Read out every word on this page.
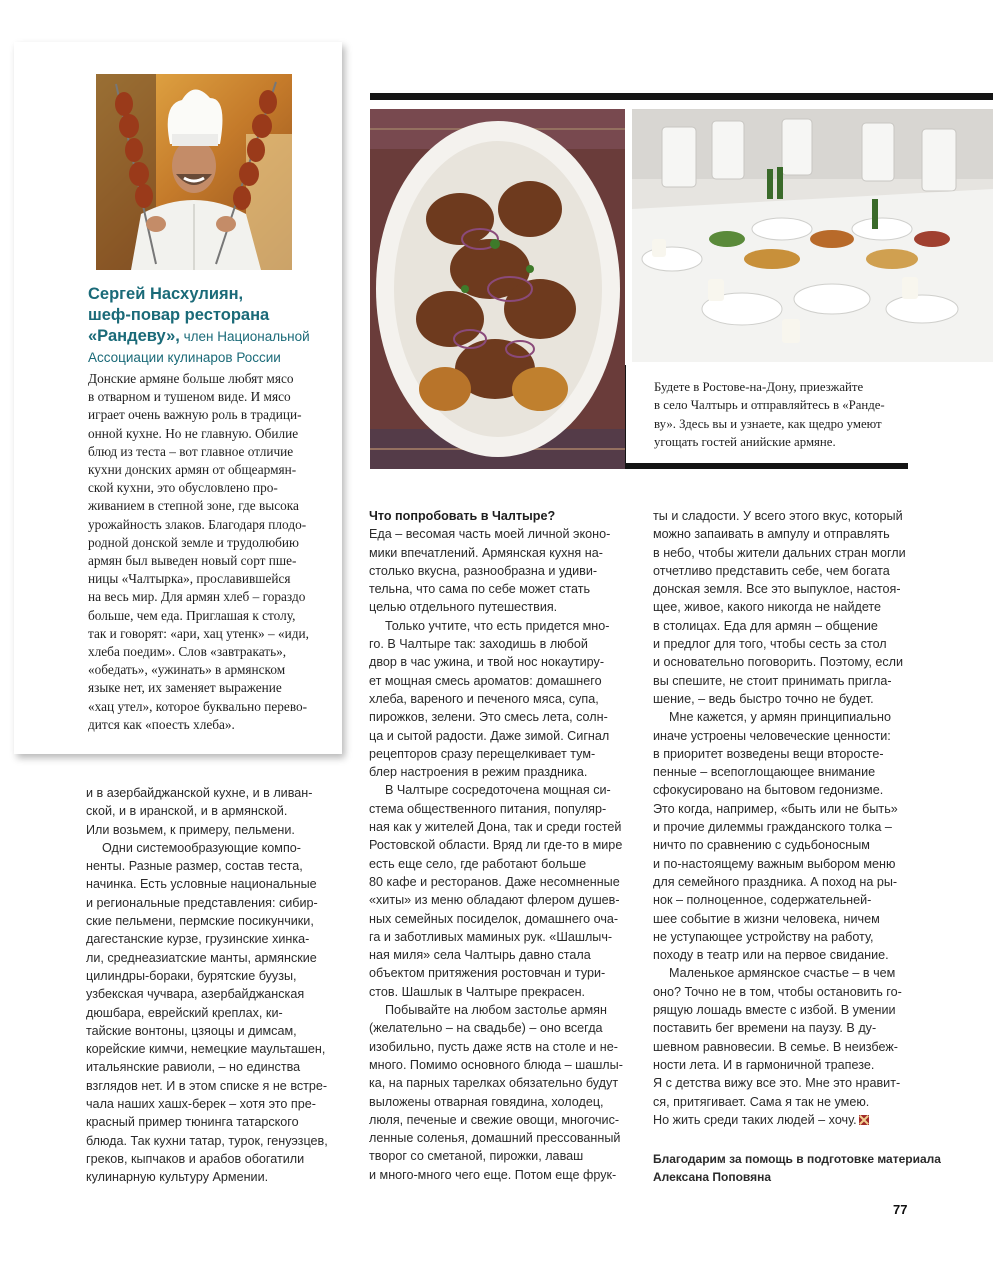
Сергей Насхулиян,
шеф-повар ресторана
«Рандеву», член Национальной
Ассоциации кулинаров России
Донские армяне больше любят мясо
в отварном и тушеном виде. И мясо
играет очень важную роль в традици-
онной кухне. Но не главную. Обилие
блюд из теста – вот главное отличие
кухни донских армян от общеармян-
ской кухни, это обусловлено про-
живанием в степной зоне, где высока
урожайность злаков. Благодаря плодо-
родной донской земле и трудолюбию
армян был выведен новый сорт пше-
ницы «Чалтырка», прославившейся
на весь мир. Для армян хлеб – гораздо
больше, чем еда. Приглашая к столу,
так и говорят: «ари, хац утенк» – «иди,
хлеба поедим». Слов «завтракать»,
«обедать», «ужинать» в армянском
языке нет, их заменяет выражение
«хац утел», которое буквально перево-
дится как «поесть хлеба».
Будете в Ростове-на-Дону, приезжайте
в село Чалтырь и отправляйтесь в «Ранде-
ву». Здесь вы и узнаете, как щедро умеют
угощать гостей анийские армяне.
и в азербайджанской кухне, и в ливан-
ской, и в иранской, и в армянской.
Или возьмем, к примеру, пельмени.
Одни системообразующие компо-
ненты. Разные размер, состав теста,
начинка. Есть условные национальные
и региональные представления: сибир-
ские пельмени, пермские посикунчики,
дагестанские курзе, грузинские хинка-
ли, среднеазиатские манты, армянские
цилиндры-бораки, бурятские буузы,
узбекская чучвара, азербайджанская
дюшбара, еврейский креплах, ки-
тайские вонтоны, цзяоцы и димсам,
корейские кимчи, немецкие маульташен,
итальянские равиоли, – но единства
взглядов нет. И в этом списке я не встре-
чала наших хашх-берек – хотя это пре-
красный пример тюнинга татарского
блюда. Так кухни татар, турок, генуэзцев,
греков, кыпчаков и арабов обогатили
кулинарную культуру Армении.
Что попробовать в Чалтыре?
Еда – весомая часть моей личной эконо-
мики впечатлений. Армянская кухня на-
столько вкусна, разнообразна и удиви-
тельна, что сама по себе может стать
целью отдельного путешествия.
Только учтите, что есть придется мно-
го. В Чалтыре так: заходишь в любой
двор в час ужина, и твой нос нокаутиру-
ет мощная смесь ароматов: домашнего
хлеба, вареного и печеного мяса, супа,
пирожков, зелени. Это смесь лета, солн-
ца и сытой радости. Даже зимой. Сигнал
рецепторов сразу перещелкивает тум-
блер настроения в режим праздника.
В Чалтыре сосредоточена мощная си-
стема общественного питания, популяр-
ная как у жителей Дона, так и среди гостей
Ростовской области. Вряд ли где-то в мире
есть еще село, где работают больше
80 кафе и ресторанов. Даже несомненные
«хиты» из меню обладают флером душев-
ных семейных посиделок, домашнего оча-
га и заботливых маминых рук. «Шашлыч-
ная миля» села Чалтырь давно стала
объектом притяжения ростовчан и тури-
стов. Шашлык в Чалтыре прекрасен.
Побывайте на любом застолье армян
(желательно – на свадьбе) – оно всегда
изобильно, пусть даже яств на столе и не-
много. Помимо основного блюда – шашлы-
ка, на парных тарелках обязательно будут
выложены отварная говядина, холодец,
люля, печеные и свежие овощи, многочис-
ленные соленья, домашний прессованный
творог со сметаной, пирожки, лаваш
и много-много чего еще. Потом еще фрук-
ты и сладости. У всего этого вкус, который
можно запаивать в ампулу и отправлять
в небо, чтобы жители дальних стран могли
отчетливо представить себе, чем богата
донская земля. Все это выпуклое, настоя-
щее, живое, какого никогда не найдете
в столицах. Еда для армян – общение
и предлог для того, чтобы сесть за стол
и основательно поговорить. Поэтому, если
вы спешите, не стоит принимать пригла-
шение, – ведь быстро точно не будет.
Мне кажется, у армян принципиально
иначе устроены человеческие ценности:
в приоритет возведены вещи второсте-
пенные – всепоглощающее внимание
сфокусировано на бытовом гедонизме.
Это когда, например, «быть или не быть»
и прочие дилеммы гражданского толка –
ничто по сравнению с судьбоносным
и по-настоящему важным выбором меню
для семейного праздника. А поход на ры-
нок – полноценное, содержательней-
шее событие в жизни человека, ничем
не уступающее устройству на работу,
походу в театр или на первое свидание.
Маленькое армянское счастье – в чем
оно? Точно не в том, чтобы остановить го-
рящую лошадь вместе с избой. В умении
поставить бег времени на паузу. В ду-
шевном равновесии. В семье. В неизбеж-
ности лета. И в гармоничной трапезе.
Я с детства вижу все это. Мне это нравит-
ся, притягивает. Сама я так не умею.
Но жить среди таких людей – хочу.
Благодарим за помощь в подготовке материала
Алексана Поповяна
77
